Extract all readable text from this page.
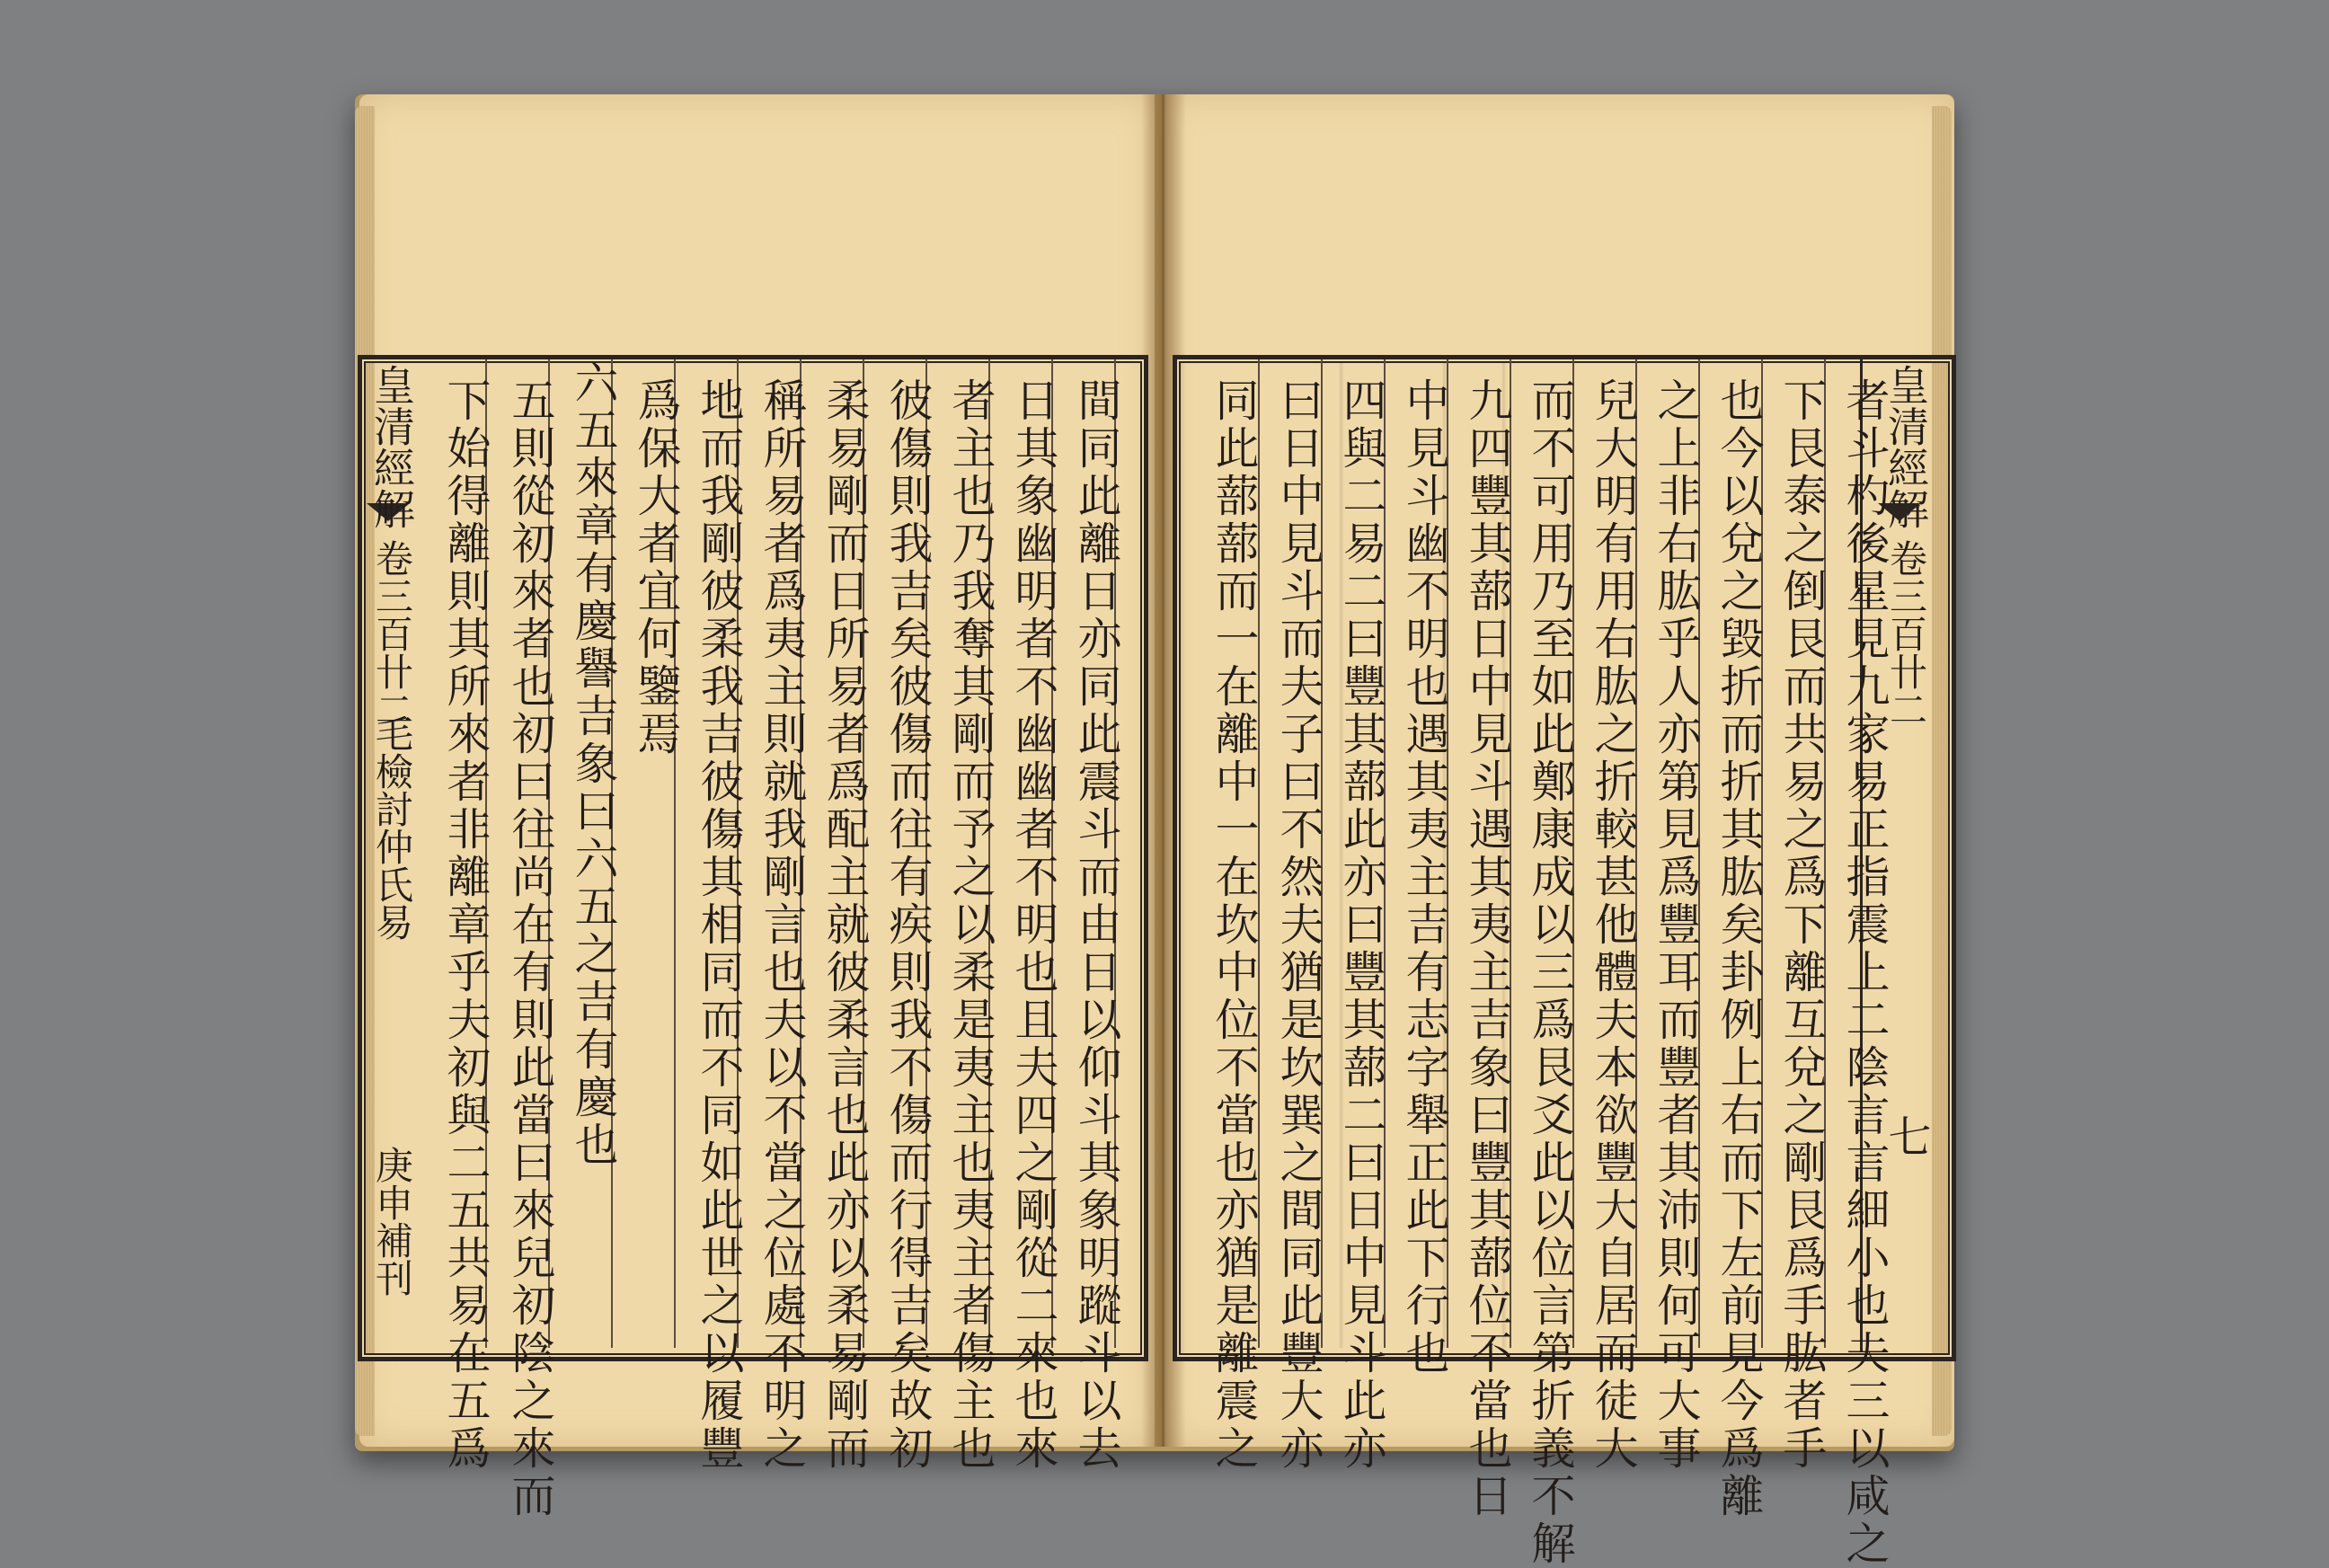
皇清經解
卷三百卄二
毛檢討仲氏易
庚申補刊	間同此離日亦同此震斗而由日以仰斗其象明蹤斗以去
日其象幽明者不幽幽者不明也且夫四之剛從二來也來
者主也乃我奪其剛而予之以柔是夷主也夷主者傷主也
彼傷則我吉矣彼傷而往有疾則我不傷而行得吉矣故初
柔易剛而日所易者爲配主就彼柔言也此亦以柔易剛而
稱所易者爲夷主則就我剛言也夫以不當之位處不明之
地而我剛彼柔我吉彼傷其相同而不同如此世之以履豐
爲保大者宜何鑒焉
六五來章有慶譽吉象曰六五之吉有慶也
五則從初來者也初曰往尚在有則此當曰來兒初陰之來而
下始得離則其所來者非離章乎夫初與二五共易在五爲	皇清經解
卷三百卄二
七
者斗杓後星見九家易正指震上二陰言言細小也夫三以咸之
下艮泰之倒艮而共易之爲下離互兌之剛艮爲手肱者手
也今以兌之毀折而折其肱矣卦例上右而下左前見今爲離
之上非右肱乎人亦第見爲豐耳而豐者其沛則何可大事
兒大明有用右肱之折較甚他體夫本欲豐大自居而徒大
而不可用乃至如此鄭康成以三爲艮爻此以位言第折義不解
九四豐其蔀日中見斗遇其夷主吉象曰豐其蔀位不當也日
中見斗幽不明也遇其夷主吉有志字舉正此下行也
四與二易二曰豐其蔀此亦曰豐其蔀二曰日中見斗此亦
曰日中見斗而夫子曰不然夫猶是坎巽之間同此豐大亦
同此蔀蔀而一在離中一在坎中位不當也亦猶是離震之
